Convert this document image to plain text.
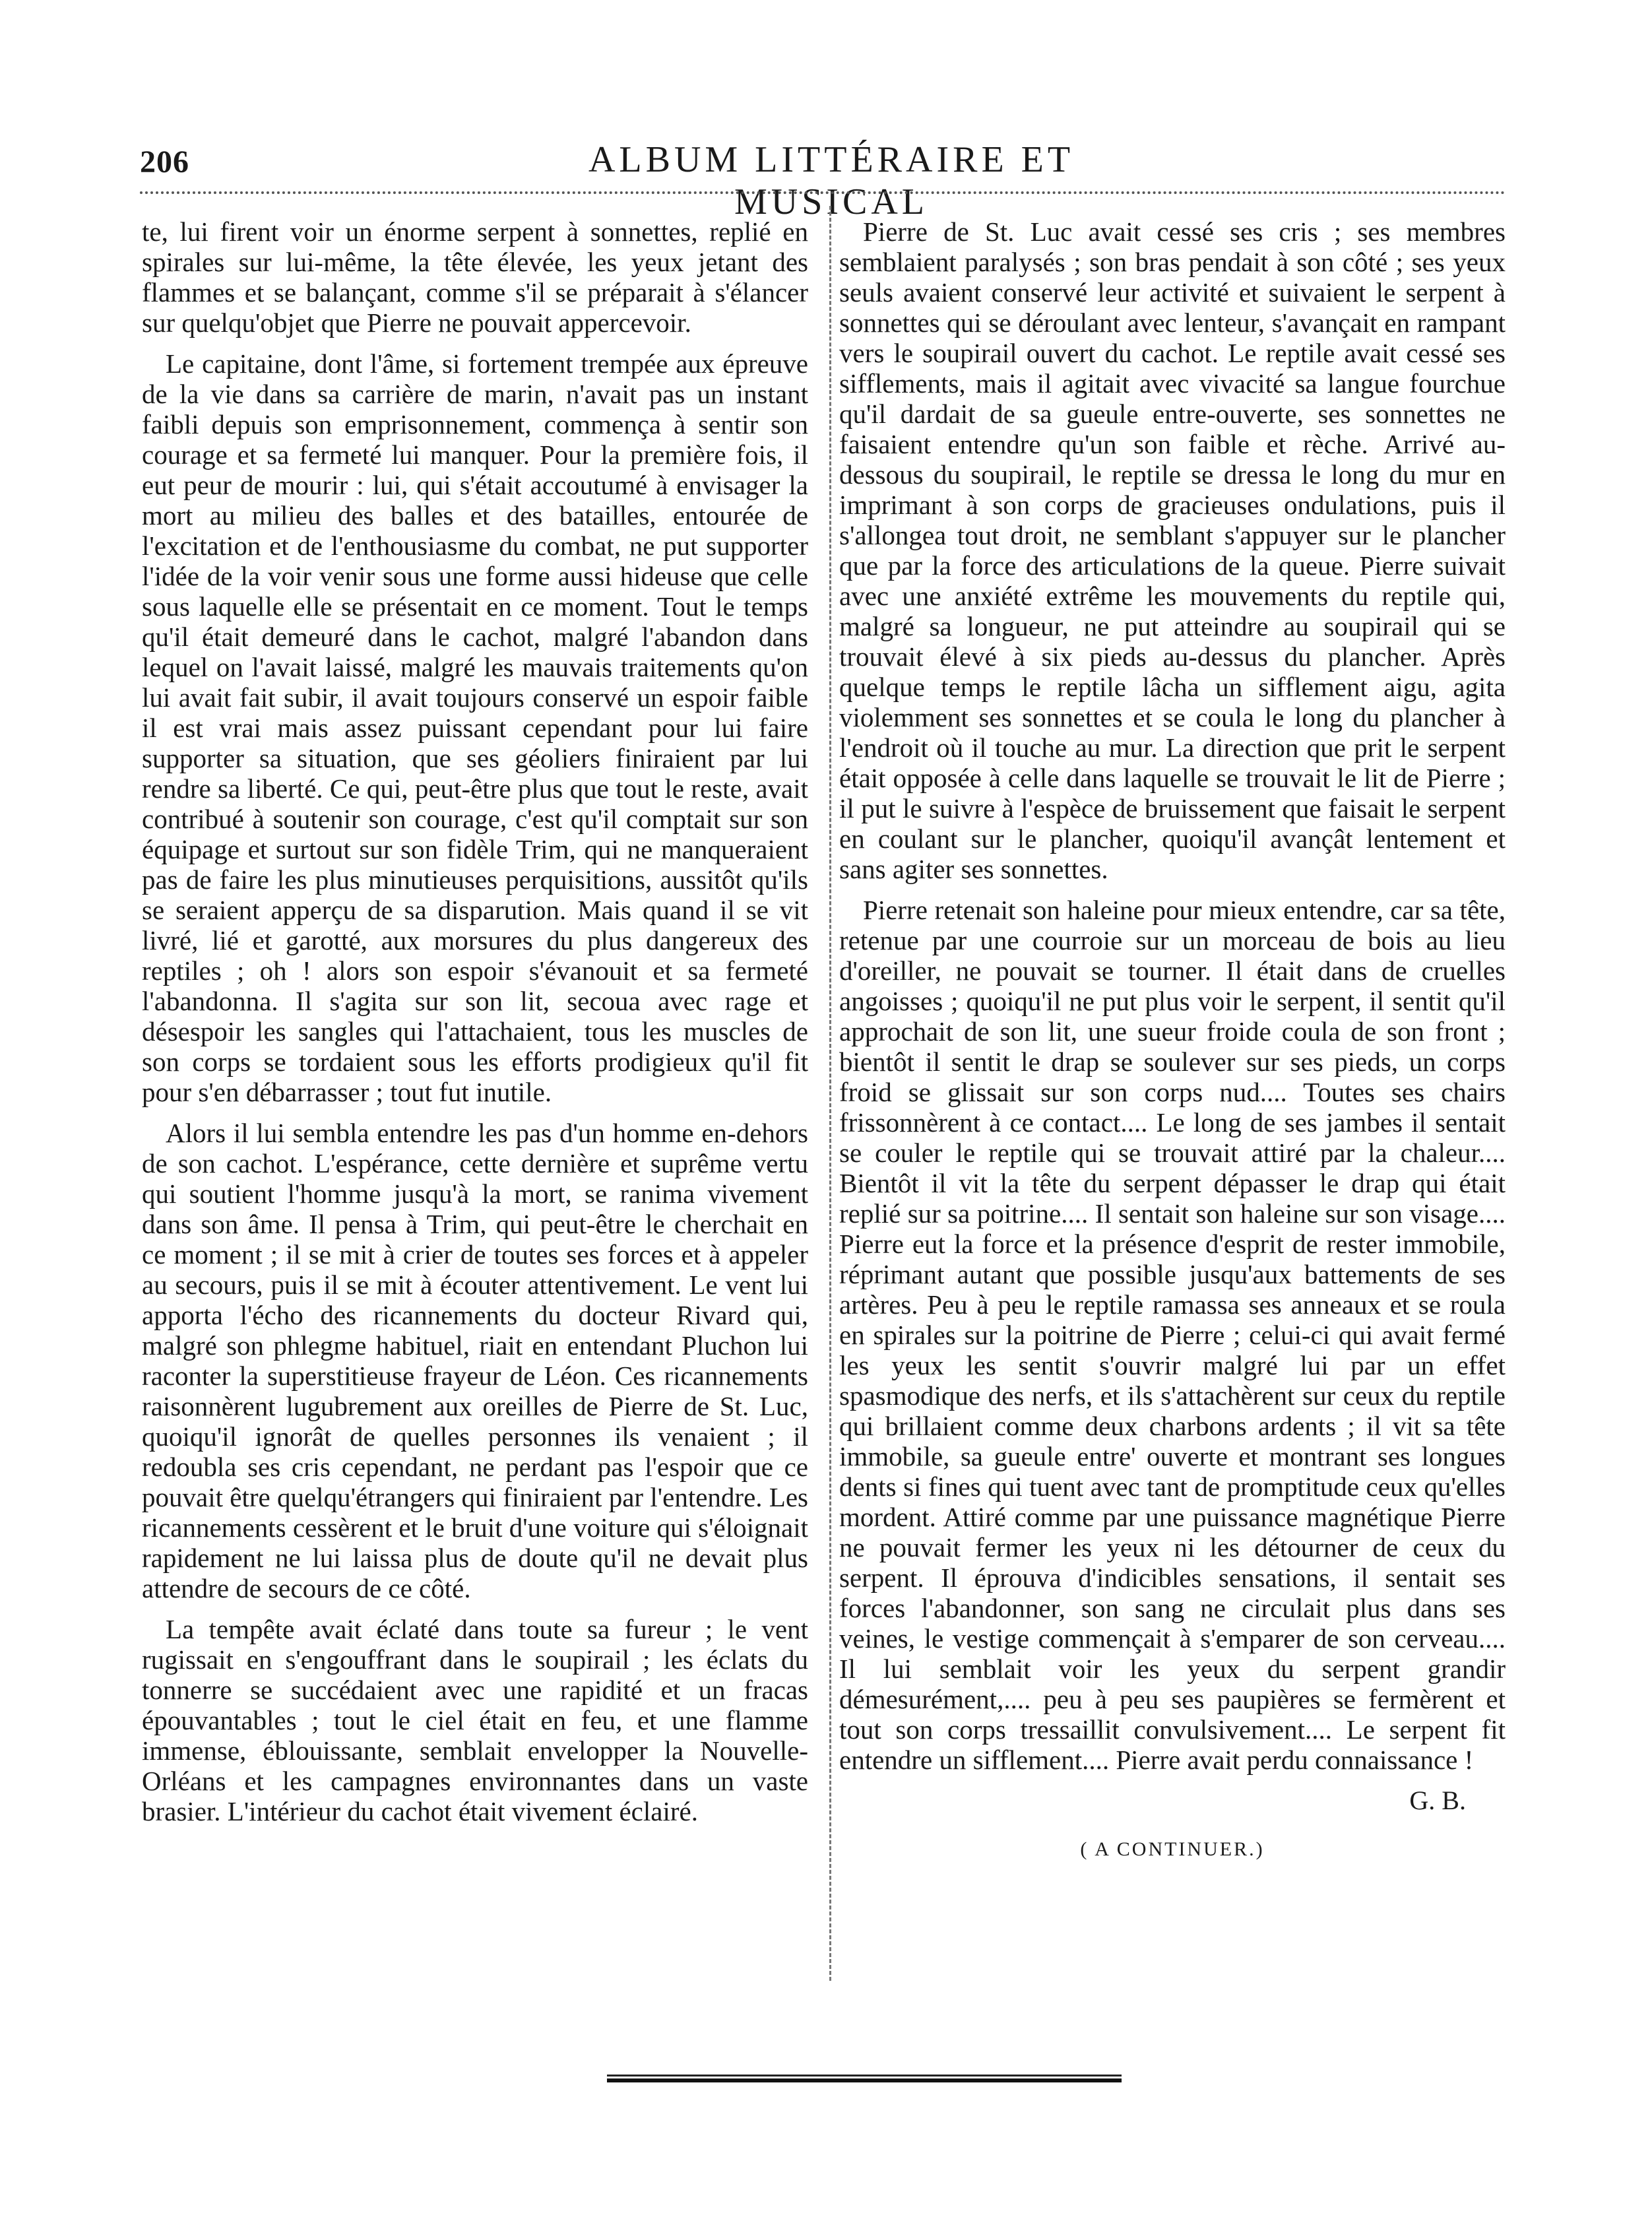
206	ALBUM LITTÉRAIRE ET MUSICAL

te, lui firent voir un énorme serpent à sonnettes, replié en spirales sur lui-même, la tête élevée, les yeux jetant des flammes et se balançant, comme s'il se préparait à s'élancer sur quelqu'objet que Pierre ne pouvait appercevoir.

Le capitaine, dont l'âme, si fortement trempée aux épreuve de la vie dans sa carrière de marin, n'avait pas un instant faibli depuis son emprisonnement, commença à sentir son courage et sa fermeté lui manquer. Pour la première fois, il eut peur de mourir : lui, qui s'était accoutumé à envisager la mort au milieu des balles et des batailles, entourée de l'excitation et de l'enthousiasme du combat, ne put supporter l'idée de la voir venir sous une forme aussi hideuse que celle sous laquelle elle se présentait en ce moment. Tout le temps qu'il était demeuré dans le cachot, malgré l'abandon dans lequel on l'avait laissé, malgré les mauvais traitements qu'on lui avait fait subir, il avait toujours conservé un espoir faible il est vrai mais assez puissant cependant pour lui faire supporter sa situation, que ses géoliers finiraient par lui rendre sa liberté. Ce qui, peut-être plus que tout le reste, avait contribué à soutenir son courage, c'est qu'il comptait sur son équipage et surtout sur son fidèle Trim, qui ne manqueraient pas de faire les plus minutieuses perquisitions, aussitôt qu'ils se seraient apperçu de sa disparution. Mais quand il se vit livré, lié et garotté, aux morsures du plus dangereux des reptiles ; oh ! alors son espoir s'évanouit et sa fermeté l'abandonna. Il s'agita sur son lit, secoua avec rage et désespoir les sangles qui l'attachaient, tous les muscles de son corps se tordaient sous les efforts prodigieux qu'il fit pour s'en débarrasser ; tout fut inutile.

Alors il lui sembla entendre les pas d'un homme en-dehors de son cachot. L'espérance, cette dernière et suprême vertu qui soutient l'homme jusqu'à la mort, se ranima vivement dans son âme. Il pensa à Trim, qui peut-être le cherchait en ce moment ; il se mit à crier de toutes ses forces et à appeler au secours, puis il se mit à écouter attentivement. Le vent lui apporta l'écho des ricannements du docteur Rivard qui, malgré son phlegme habituel, riait en entendant Pluchon lui raconter la superstitieuse frayeur de Léon. Ces ricannements raisonnèrent lugubrement aux oreilles de Pierre de St. Luc, quoiqu'il ignorât de quelles personnes ils venaient ; il redoubla ses cris cependant, ne perdant pas l'espoir que ce pouvait être quelqu'étrangers qui finiraient par l'entendre. Les ricannements cessèrent et le bruit d'une voiture qui s'éloignait rapidement ne lui laissa plus de doute qu'il ne devait plus attendre de secours de ce côté.

La tempête avait éclaté dans toute sa fureur ; le vent rugissait en s'engouffrant dans le soupirail ; les éclats du tonnerre se succédaient avec une rapidité et un fracas épouvantables ; tout le ciel était en feu, et une flamme immense, éblouissante, semblait envelopper la Nouvelle-Orléans et les campagnes environnantes dans un vaste brasier. L'intérieur du cachot était vivement éclairé.

Pierre de St. Luc avait cessé ses cris ; ses membres semblaient paralysés ; son bras pendait à son côté ; ses yeux seuls avaient conservé leur activité et suivaient le serpent à sonnettes qui se déroulant avec lenteur, s'avançait en rampant vers le soupirail ouvert du cachot. Le reptile avait cessé ses sifflements, mais il agitait avec vivacité sa langue fourchue qu'il dardait de sa gueule entre-ouverte, ses sonnettes ne faisaient entendre qu'un son faible et rèche. Arrivé au-dessous du soupirail, le reptile se dressa le long du mur en imprimant à son corps de gracieuses ondulations, puis il s'allongea tout droit, ne semblant s'appuyer sur le plancher que par la force des articulations de la queue. Pierre suivait avec une anxiété extrême les mouvements du reptile qui, malgré sa longueur, ne put atteindre au soupirail qui se trouvait élevé à six pieds au-dessus du plancher. Après quelque temps le reptile lâcha un sifflement aigu, agita violemment ses sonnettes et se coula le long du plancher à l'endroit où il touche au mur. La direction que prit le serpent était opposée à celle dans laquelle se trouvait le lit de Pierre ; il put le suivre à l'espèce de bruissement que faisait le serpent en coulant sur le plancher, quoiqu'il avançât lentement et sans agiter ses sonnettes.

Pierre retenait son haleine pour mieux entendre, car sa tête, retenue par une courroie sur un morceau de bois au lieu d'oreiller, ne pouvait se tourner. Il était dans de cruelles angoisses ; quoiqu'il ne put plus voir le serpent, il sentit qu'il approchait de son lit, une sueur froide coula de son front ; bientôt il sentit le drap se soulever sur ses pieds, un corps froid se glissait sur son corps nud.... Toutes ses chairs frissonnèrent à ce contact.... Le long de ses jambes il sentait se couler le reptile qui se trouvait attiré par la chaleur.... Bientôt il vit la tête du serpent dépasser le drap qui était replié sur sa poitrine.... Il sentait son haleine sur son visage.... Pierre eut la force et la présence d'esprit de rester immobile, réprimant autant que possible jusqu'aux battements de ses artères. Peu à peu le reptile ramassa ses anneaux et se roula en spirales sur la poitrine de Pierre ; celui-ci qui avait fermé les yeux les sentit s'ouvrir malgré lui par un effet spasmodique des nerfs, et ils s'attachèrent sur ceux du reptile qui brillaient comme deux charbons ardents ; il vit sa tête immobile, sa gueule entre' ouverte et montrant ses longues dents si fines qui tuent avec tant de promptitude ceux qu'elles mordent. Attiré comme par une puissance magnétique Pierre ne pouvait fermer les yeux ni les détourner de ceux du serpent. Il éprouva d'indicibles sensations, il sentait ses forces l'abandonner, son sang ne circulait plus dans ses veines, le vestige commençait à s'emparer de son cerveau.... Il lui semblait voir les yeux du serpent grandir démesurément,.... peu à peu ses paupières se fermèrent et tout son corps tressaillit convulsivement.... Le serpent fit entendre un sifflement.... Pierre avait perdu connaissance !

G. B.
( A CONTINUER.)
